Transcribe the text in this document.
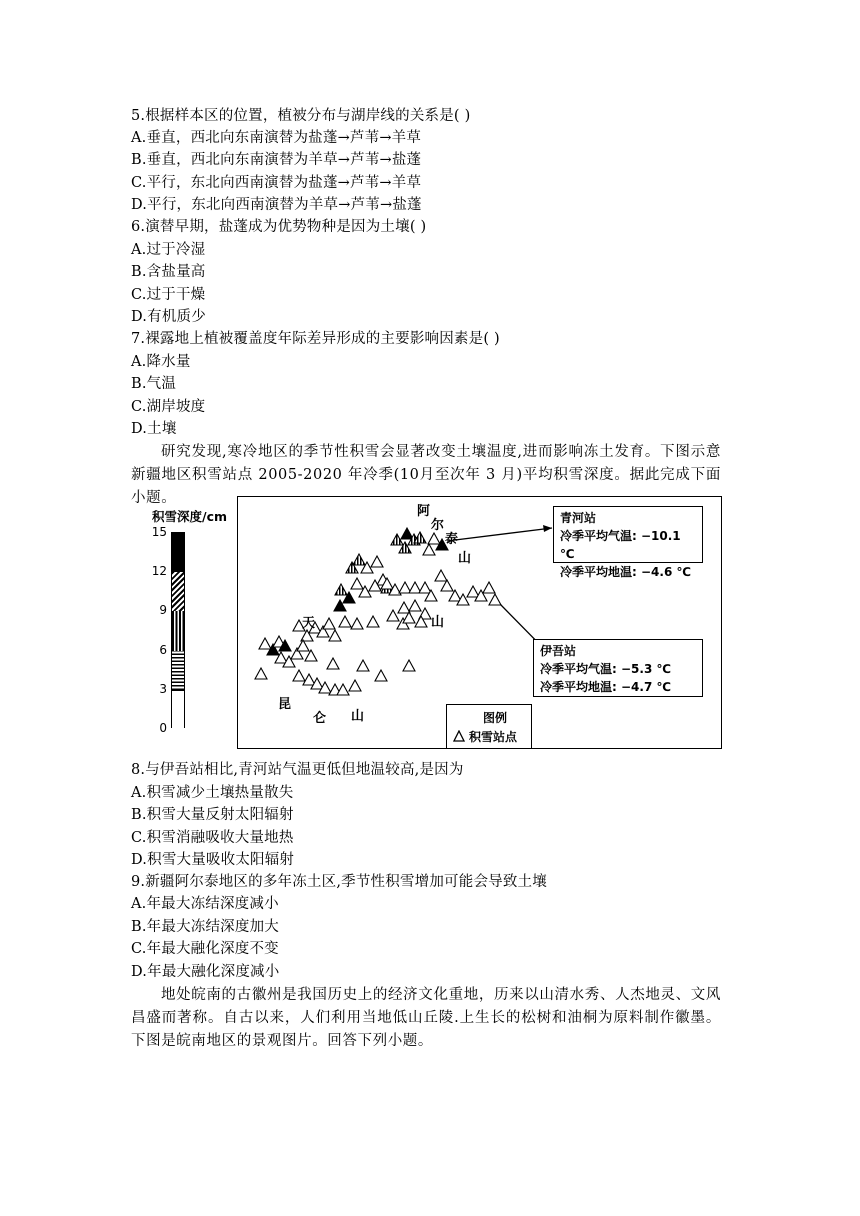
5.根据样本区的位置，植被分布与湖岸线的关系是( )
A.垂直，西北向东南演替为盐蓬→芦苇→羊草
B.垂直，西北向东南演替为羊草→芦苇→盐蓬
C.平行，东北向西南演替为盐蓬→芦苇→羊草
D.平行，东北向西南演替为羊草→芦苇→盐蓬
6.演替早期，盐蓬成为优势物种是因为土壤( )
A.过于冷湿
B.含盐量高
C.过于干燥
D.有机质少
7.裸露地上植被覆盖度年际差异形成的主要影响因素是( )
A.降水量
B.气温
C.湖岸坡度
D.土壤
研究发现,寒冷地区的季节性积雪会显著改变土壤温度,进而影响冻土发育。下图示意新疆地区积雪站点 2005-2020 年冷季(10月至次年 3 月)平均积雪深度。据此完成下面小题。
积雪深度/cm
15
12
9
6
3
0
阿
尔
泰
山
天	山
昆
仑 山
青河站
冷季平均气温: −10.1 ℃
冷季平均地温: −4.6 ℃
伊吾站
冷季平均气温: −5.3 ℃
冷季平均地温: −4.7 ℃
图例
积雪站点
8.与伊吾站相比,青河站气温更低但地温较高,是因为
A.积雪减少土壤热量散失
B.积雪大量反射太阳辐射
C.积雪消融吸收大量地热
D.积雪大量吸收太阳辐射
9.新疆阿尔泰地区的多年冻土区,季节性积雪增加可能会导致土壤
A.年最大冻结深度减小
B.年最大冻结深度加大
C.年最大融化深度不变
D.年最大融化深度减小
地处皖南的古徽州是我国历史上的经济文化重地，历来以山清水秀、人杰地灵、文风昌盛而著称。自古以来，人们利用当地低山丘陵.上生长的松树和油桐为原料制作徽墨。下图是皖南地区的景观图片。回答下列小题。
